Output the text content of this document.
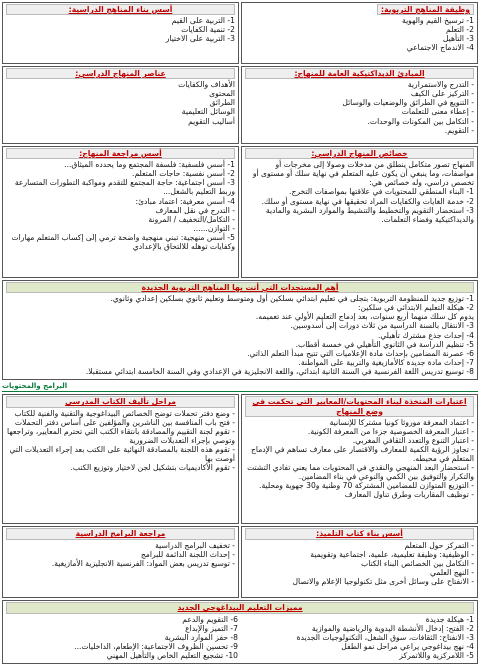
وظيفة المناهج التربوية:
1- ترسيخ القيم والهوية
2- التعلم
3- التأهيل
4- الاندماج الاجتماعي
أسس بناء المناهج الدراسية:
1- التربية على القيم
2- تنمية الكفايات
3- التربية على الاختيار
المبادئ الديداكتيكية العامة للمنهاج:
- التدرج والاستمرارية
- التركيز على الكيف
- التنويع في الطرائق والوضعيات والوسائل
- إعطاء معنى للتعلمات
- التكامل بين المكونات والوحدات.
- التقويم.
عناصر المنهاج الدراسي:
الأهداف والكفايات
المحتوى
الطرائق
الوسائل التعليمية
أساليب التقويم
خصائص المنهاج الدراسي:
المنهاج تصور متكامل ينطلق من مدخلات وصولا إلى مخرجات أو مواصفات، وما ينبغي أن يكون عليه المتعلم في نهاية سلك أو مستوى أو تخصص دراسي، وله خصائص هي:
1- البناء المنطقي للمحتويات في علاقتها بمواصفات التخرج.
2- خدمة الغايات والكفايات المراد تحقيقها في نهاية مستوى أو سلك.
3- استحضار التقويم والتخطيط والتنشيط والموارد البشرية والمادية والديداكتيكية وفضاء التعلمات.
أسس مراجعة المنهاج:
1- أسس فلسفية: فلسفة المجتمع وما يحدده الميثاق...
2- أسس نفسية: حاجات المتعلم.
3- أسس اجتماعية: حاجة المجتمع للتقدم ومواكبة التطورات المتسارعة وربط التعليم بالشغل...
4- أسس معرفية: اعتماد مبادئ:
- التدرج في نقل المعارف
- التكامل/التخفيف / المرونة
- التوازن......
5- أسس منهجية: تبني منهجية واضحة ترمي إلى إكساب المتعلم مهارات وكفايات توهله للالتحاق بالإعدادي
أهم المستجدات التي أتت بها المناهج التربوية الجديدة
1- توزيع جديد للمنظومة التربوية: بتجلى في تعليم ابتدائي بسلكين أول ومتوسط وتعليم ثانوي بسلكين إعدادي وثانوي.
2- هيكلة التعليم الابتدائي في سلكين:
يدوم كل سلك منهما أربع سنوات، بعد إدماج التعليم الأولي عند تعميمه.
3- الانتقال بالسنة الدراسية من ثلاث دورات إلى أسدوسين.
4- إحداث جذع مشترك تأهيلي.
5- تنظيم الدراسة في الثانوي التأهيلي في خمسة أقطاب.
6- عصرنة المضامين بإحداث مادة الإعلاميات التي تتيح مبدأ التعلم الذاتي.
7- إحداث مادة جديدة كالأمازيغية والتربية على المواطنة.
8- توسيع تدريس اللغة الفرنسية في السنة الثانية ابتدائي، واللغة الانجليزية في الإعدادي وفي السنة الخامسة ابتدائي مستقبلا.
البرامج والمحتويات
اعتبارات المتخذة لبناء المحتويات/المعايير التي تحكمت في وضع المنهاج
- اعتماد المعرفة موروثا كونيا مشتركا للإنسانية
- اعتبار المعرفة الخصوصية جزءا من المعرفة الكونية.
- اعتبار التنوع والتعدد الثقافي المغربي.
- تجاوز الرؤية الكمية للمعارف والاقتصار على معارف تساهم في الإدماج المتعلم في محيطه.
- استحضار البعد المنهجي والنقدي في المحتويات مما يعني تفادي التشتت والتكرار والتوفيق بين الكمي والنوعي في بناء المضامين.
- التوزيع المتوازن للمضامين المشتركة 70 وطنية و30 جهوية ومحلية.
- توظيف المقاربات وطرق تناول المعارف
مراحل تأليف الكتاب المدرسي
- وضع دفتر تحملات توضح الخصائص البيداغوجية والتقنية والفنية للكتاب
- فتح باب المنافسة بين الناشرين والمؤلفين على أساس دفتر التحملات
- تقوم لجنة التقييم والمصادقة بانتقاء الكتب التي تحترم المعايير، وتراجعها وتوصي بإجراء التعديلات الضرورية
- تقوم هذه اللجنة بالمصادقة النهائية على الكتب بعد إجراء التعديلات التي أوصت بها
- تقوم الأكاديميات بتشكيل لجن لاختيار وتوزيع الكتب.
أسس بناء كتاب التلميذ:
- التمركز حول المتعلم
- الوظيفية: وظيفة تعليمية، علمية، اجتماعية وتقويمية
- التكامل بين الخصائص البناء الكتاب
- النهج العلمي
- الانفتاح على وسائل أخرى مثل تكنولوجيا الإعلام والاتصال
مراجعة البرامج الدراسية
- تخفيف البرامج الدراسية
- إحداث اللجنة الدائمة للبرامج
- توسيع تدريس بعض المواد: الفرنسية الانجليزية الأمازيغية.
مميزات التعليم البيداغوجي الجديد
1- هيكلة جديدة
2- الفتح: إدخال الأنشطة اليدوية والرياضية والموازية
3- الانفتاح: الثقافات، سوق الشغل، التكنولوجيات الجديدة
4- نهج بيداغوجي يراعي مراحل نمو الطفل
5- اللامركزية واللاتمركز
6- التقويم والدعم
7- التميز والإبداع
8- حفز الموارد البشرية
9- تحسين الظروف الاجتماعية: الإطعام، الداخليات...
10- تشجيع التعليم الخاص والتأهيل المهني
